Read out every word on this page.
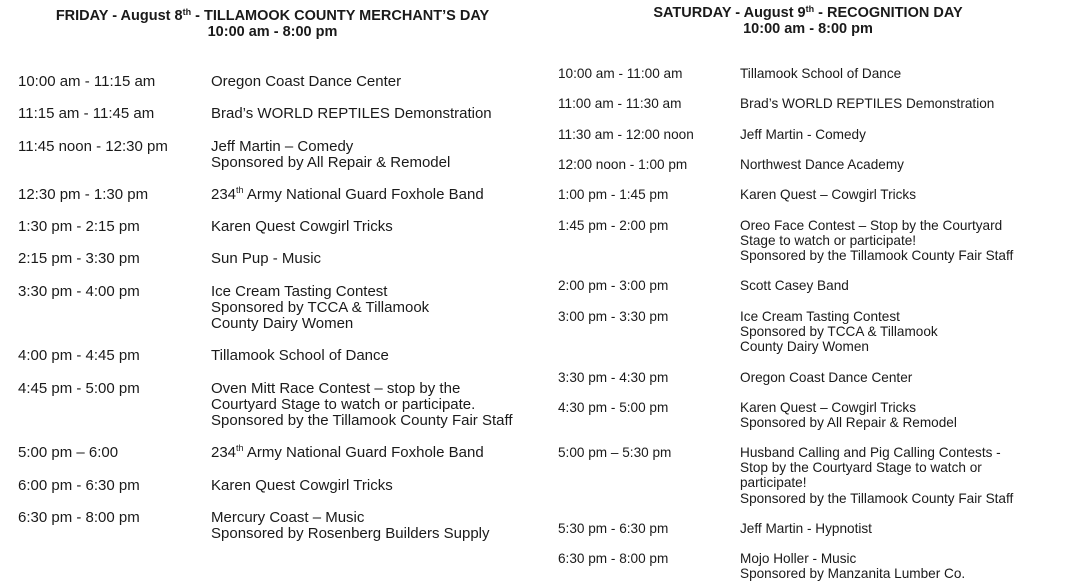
FRIDAY - August 8th - TILLAMOOK COUNTY MERCHANT’S DAY
10:00 am - 8:00 pm
10:00 am - 11:15 am	Oregon Coast Dance Center
11:15 am - 11:45 am	Brad’s WORLD REPTILES Demonstration
11:45 noon - 12:30 pm	Jeff Martin – Comedy
Sponsored by All Repair & Remodel
12:30 pm - 1:30 pm	234th Army National Guard Foxhole Band
1:30 pm - 2:15 pm	Karen Quest Cowgirl Tricks
2:15 pm - 3:30 pm	Sun Pup - Music
3:30 pm - 4:00 pm	Ice Cream Tasting Contest
Sponsored by TCCA & Tillamook
County Dairy Women
4:00 pm - 4:45 pm	Tillamook School of Dance
4:45 pm - 5:00 pm	Oven Mitt Race Contest – stop by the
Courtyard Stage to watch or participate.
Sponsored by the Tillamook County Fair Staff
5:00 pm – 6:00	234th Army National Guard Foxhole Band
6:00 pm - 6:30 pm	Karen Quest Cowgirl Tricks
6:30 pm - 8:00 pm	Mercury Coast – Music
Sponsored by Rosenberg Builders Supply
SATURDAY - August 9th - RECOGNITION DAY
10:00 am - 8:00 pm
10:00 am - 11:00 am	Tillamook School of Dance
11:00 am - 11:30 am	Brad’s WORLD REPTILES Demonstration
11:30 am - 12:00 noon	Jeff Martin - Comedy
12:00 noon - 1:00 pm	Northwest Dance Academy
1:00 pm - 1:45 pm	Karen Quest – Cowgirl Tricks
1:45 pm - 2:00 pm	Oreo Face Contest – Stop by the Courtyard
Stage to watch or participate!
Sponsored by the Tillamook County Fair Staff
2:00 pm - 3:00 pm	Scott Casey Band
3:00 pm - 3:30 pm	Ice Cream Tasting Contest
Sponsored by TCCA & Tillamook
County Dairy Women
3:30 pm - 4:30 pm	Oregon Coast Dance Center
4:30 pm - 5:00 pm	Karen Quest – Cowgirl Tricks
Sponsored by All Repair & Remodel
5:00 pm – 5:30 pm	Husband Calling and Pig Calling Contests -
Stop by the Courtyard Stage to watch or
participate!
Sponsored by the Tillamook County Fair Staff
5:30 pm - 6:30 pm	Jeff Martin - Hypnotist
6:30 pm - 8:00 pm	Mojo Holler - Music
Sponsored by Manzanita Lumber Co.
